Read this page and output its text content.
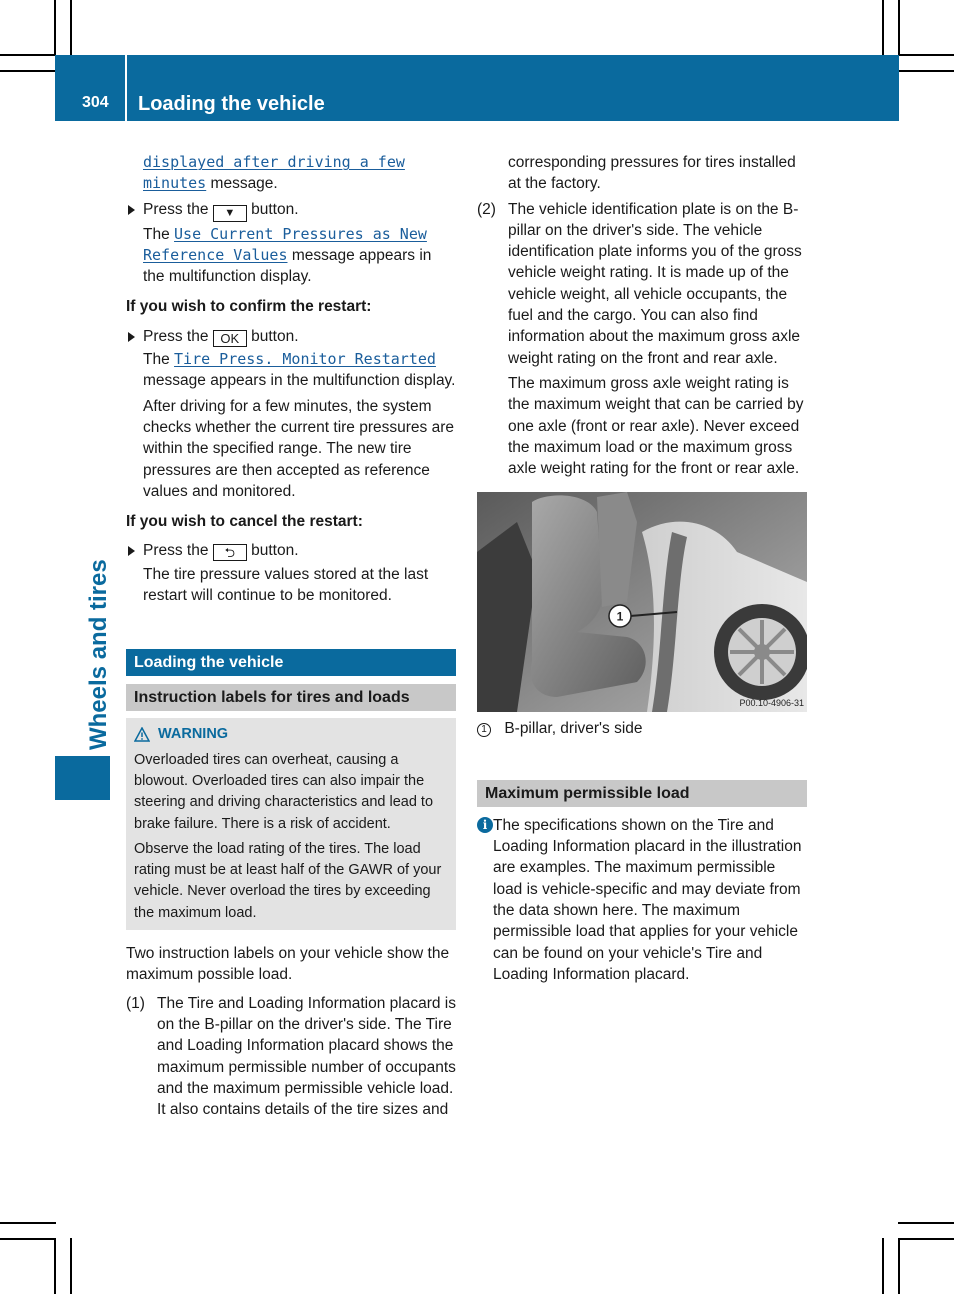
304 Loading the vehicle
Wheels and tires

displayed after driving a few minutes message.

Press the ▼ button.

The Use Current Pressures as New Reference Values message appears in the multifunction display.

If you wish to confirm the restart:

Press the OK button.

The Tire Press. Monitor Restarted message appears in the multifunction display.

After driving for a few minutes, the system checks whether the current tire pressures are within the specified range. The new tire pressures are then accepted as reference values and monitored.

If you wish to cancel the restart:

Press the ⮌ button.

The tire pressure values stored at the last restart will continue to be monitored.

Loading the vehicle
Instruction labels for tires and loads
WARNING

Overloaded tires can overheat, causing a blowout. Overloaded tires can also impair the steering and driving characteristics and lead to brake failure. There is a risk of accident.

Observe the load rating of the tires. The load rating must be at least half of the GAWR of your vehicle. Never overload the tires by exceeding the maximum load.

Two instruction labels on your vehicle show the maximum possible load.

(1) The Tire and Loading Information placard is on the B-pillar on the driver's side. The Tire and Loading Information placard shows the maximum permissible number of occupants and the maximum permissible vehicle load. It also contains details of the tire sizes and

corresponding pressures for tires installed at the factory.

(2) The vehicle identification plate is on the B-pillar on the driver's side. The vehicle identification plate informs you of the gross vehicle weight rating. It is made up of the vehicle weight, all vehicle occupants, the fuel and the cargo. You can also find information about the maximum gross axle weight rating on the front and rear axle.

The maximum gross axle weight rating is the maximum weight that can be carried by one axle (front or rear axle). Never exceed the maximum load or the maximum gross axle weight rating for the front or rear axle.

1
P00.10-4906-31

1 B-pillar, driver's side

Maximum permissible load
i The specifications shown on the Tire and Loading Information placard in the illustration are examples. The maximum permissible load is vehicle-specific and may deviate from the data shown here. The maximum permissible load that applies for your vehicle can be found on your vehicle's Tire and Loading Information placard.
